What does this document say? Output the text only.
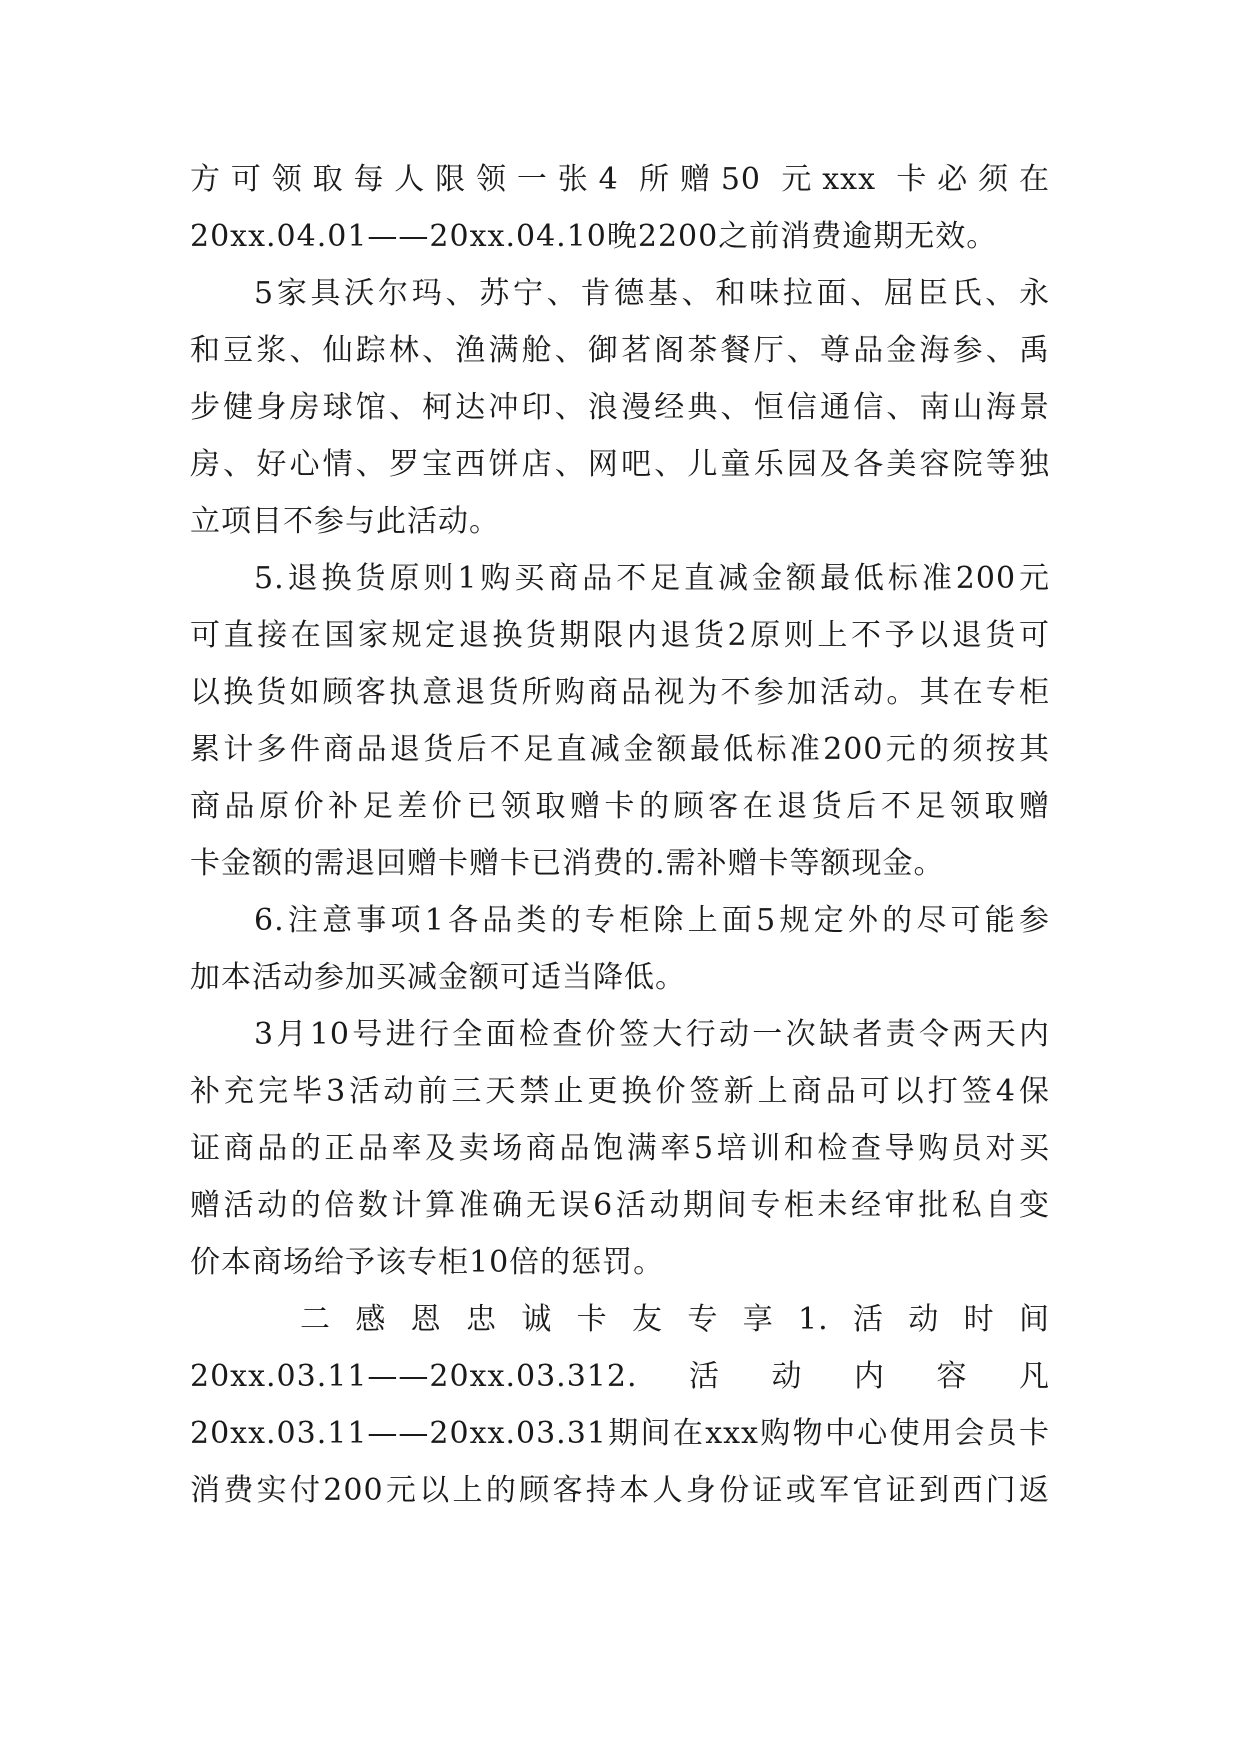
方可领取每人限领一张4 所赠50 元xxx 卡必须在
20xx.04.01——20xx.04.10晚2200之前消费逾期无效。
5家具沃尔玛、苏宁、肯德基、和味拉面、屈臣氏、永
和豆浆、仙踪林、渔满舱、御茗阁茶餐厅、尊品金海参、禹
步健身房球馆、柯达冲印、浪漫经典、恒信通信、南山海景
房、好心情、罗宝西饼店、网吧、儿童乐园及各美容院等独
立项目不参与此活动。
5.退换货原则1购买商品不足直减金额最低标准200元
可直接在国家规定退换货期限内退货2原则上不予以退货可
以换货如顾客执意退货所购商品视为不参加活动。其在专柜
累计多件商品退货后不足直减金额最低标准200元的须按其
商品原价补足差价已领取赠卡的顾客在退货后不足领取赠
卡金额的需退回赠卡赠卡已消费的.需补赠卡等额现金。
6.注意事项1各品类的专柜除上面5规定外的尽可能参
加本活动参加买减金额可适当降低。
3月10号进行全面检查价签大行动一次缺者责令两天内
补充完毕3活动前三天禁止更换价签新上商品可以打签4保
证商品的正品率及卖场商品饱满率5培训和检查导购员对买
赠活动的倍数计算准确无误6活动期间专柜未经审批私自变
价本商场给予该专柜10倍的惩罚。
二感恩忠诚卡友专享1.活动时间
20xx.03.11——20xx.03.312.　活　动　内　容　凡
20xx.03.11——20xx.03.31期间在xxx购物中心使用会员卡
消费实付200元以上的顾客持本人身份证或军官证到西门返
